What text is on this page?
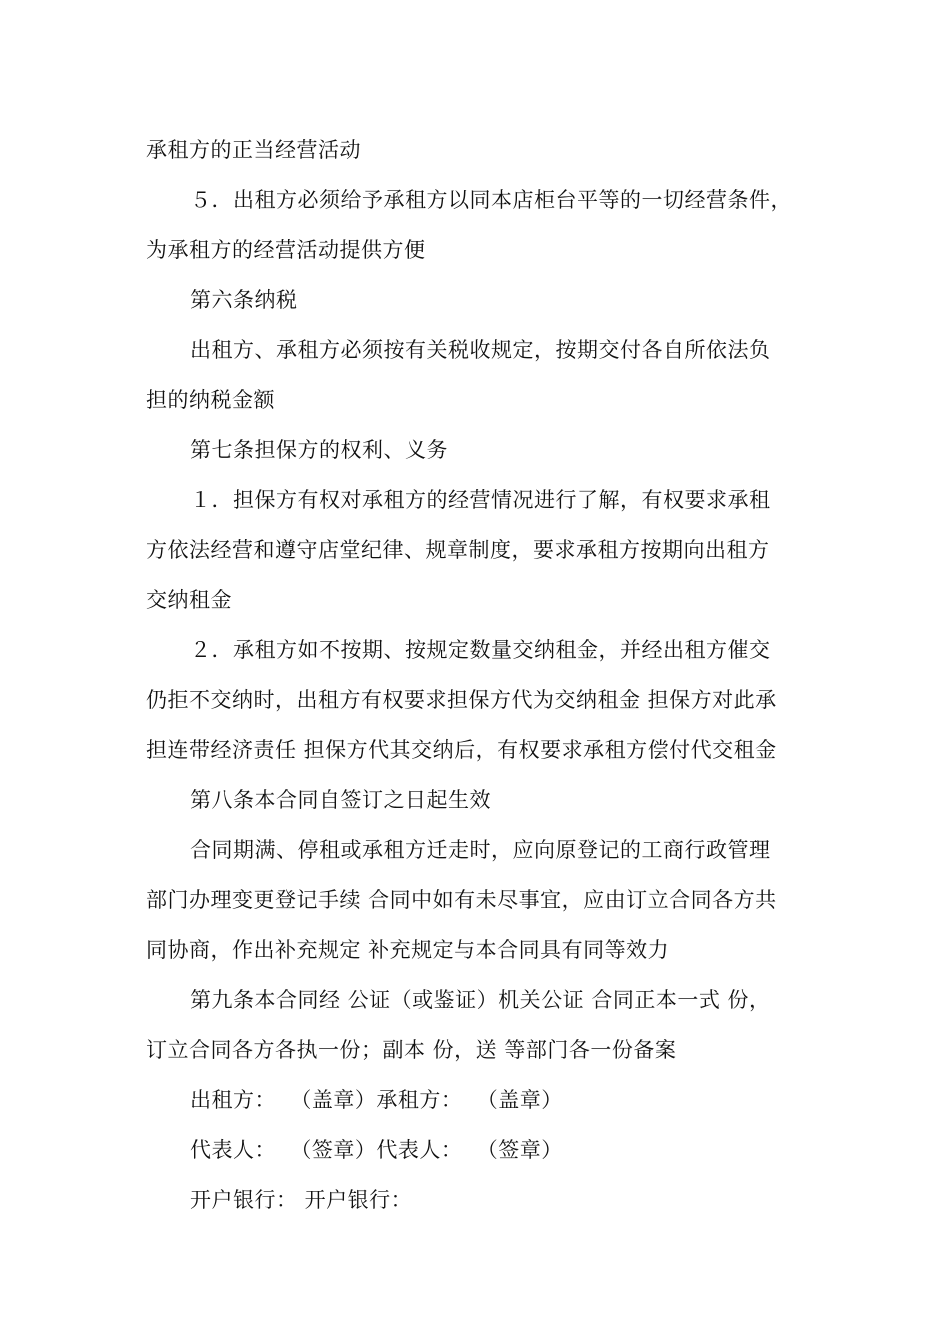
承租方的正当经营活动
５．出租方必须给予承租方以同本店柜台平等的一切经营条件，
为承租方的经营活动提供方便
第六条纳税
出租方、承租方必须按有关税收规定，按期交付各自所依法负
担的纳税金额
第七条担保方的权利、义务
１．担保方有权对承租方的经营情况进行了解，有权要求承租
方依法经营和遵守店堂纪律、规章制度，要求承租方按期向出租方
交纳租金
２．承租方如不按期、按规定数量交纳租金，并经出租方催交
仍拒不交纳时，出租方有权要求担保方代为交纳租金 担保方对此承
担连带经济责任 担保方代其交纳后，有权要求承租方偿付代交租金
第八条本合同自签订之日起生效
合同期满、停租或承租方迁走时，应向原登记的工商行政管理
部门办理变更登记手续 合同中如有未尽事宜，应由订立合同各方共
同协商，作出补充规定 补充规定与本合同具有同等效力
第九条本合同经 公证（或鉴证）机关公证 合同正本一式 份，
订立合同各方各执一份；副本 份，送 等部门各一份备案
出租方：  （盖章）承租方：  （盖章）
代表人：  （签章）代表人：  （签章）
开户银行： 开户银行：
